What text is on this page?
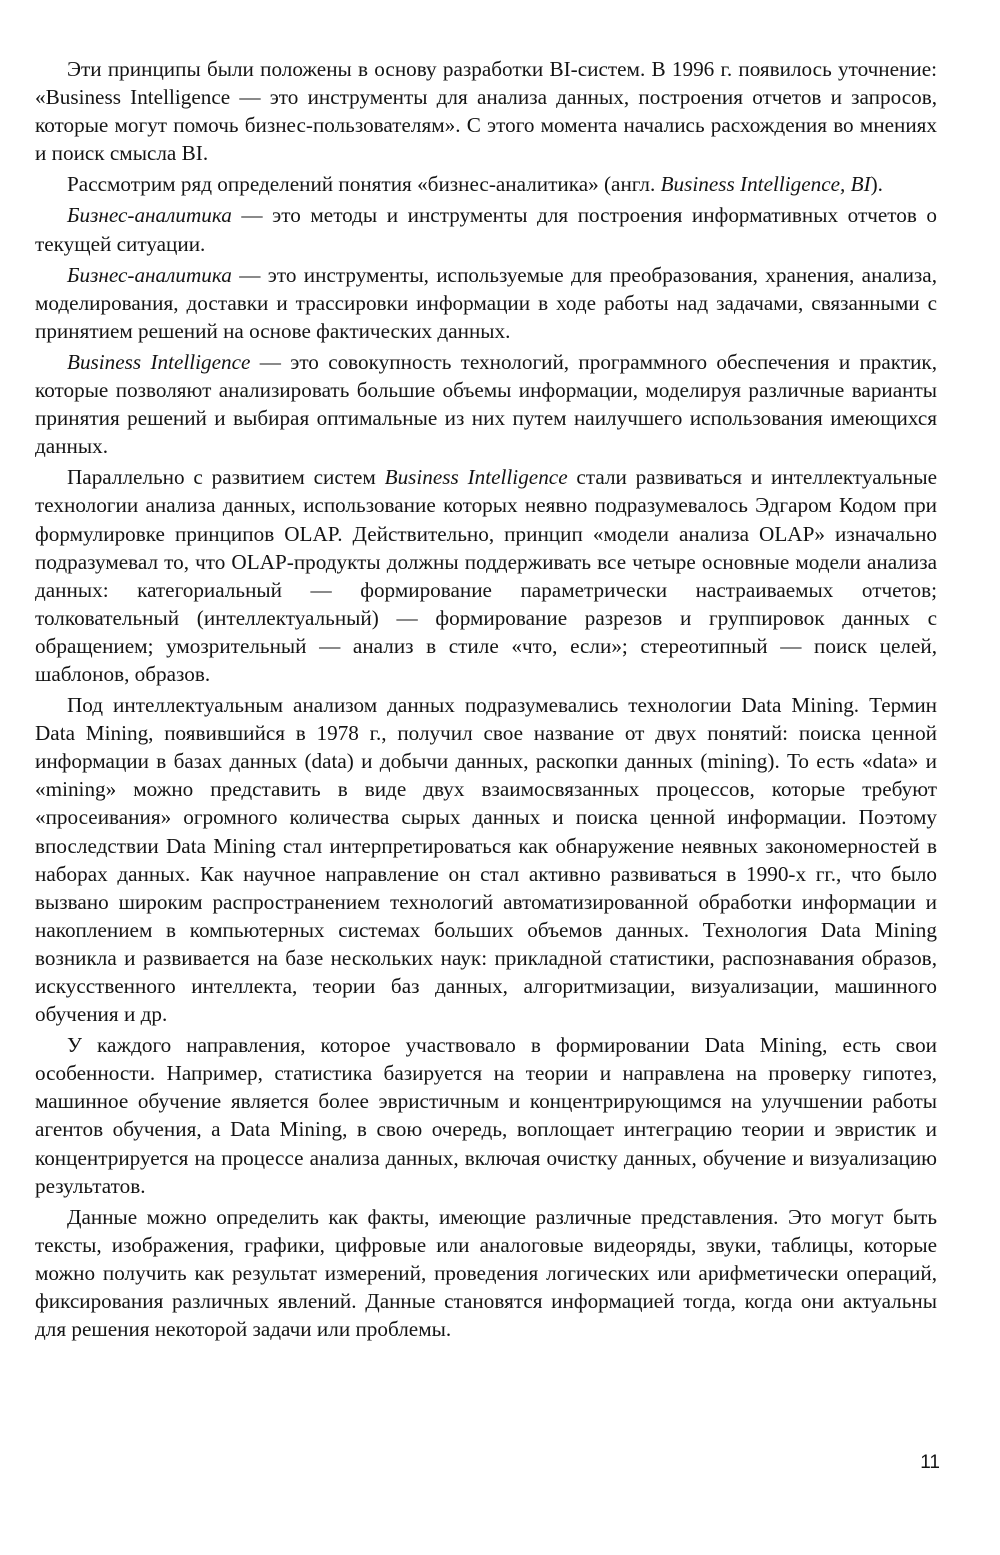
Эти принципы были положены в основу разработки BI-систем. В 1996 г. появилось уточнение: «Business Intelligence — это инструменты для анализа данных, построения отчетов и запросов, которые могут помочь бизнес-пользователям». С этого момента начались расхождения во мнениях и поиск смысла BI.

Рассмотрим ряд определений понятия «бизнес-аналитика» (англ. Business Intelligence, BI).

Бизнес-аналитика — это методы и инструменты для построения информативных отчетов о текущей ситуации.

Бизнес-аналитика — это инструменты, используемые для преобразования, хранения, анализа, моделирования, доставки и трассировки информации в ходе работы над задачами, связанными с принятием решений на основе фактических данных.

Business Intelligence — это совокупность технологий, программного обеспечения и практик, которые позволяют анализировать большие объемы информации, моделируя различные варианты принятия решений и выбирая оптимальные из них путем наилучшего использования имеющихся данных.

Параллельно с развитием систем Business Intelligence стали развиваться и интеллектуальные технологии анализа данных, использование которых неявно подразумевалось Эдгаром Кодом при формулировке принципов OLAP. Действительно, принцип «модели анализа OLAP» изначально подразумевал то, что OLAP-продукты должны поддерживать все четыре основные модели анализа данных: категориальный — формирование параметрически настраиваемых отчетов; толковательный (интеллектуальный) — формирование разрезов и группировок данных с обращением; умозрительный — анализ в стиле «что, если»; стереотипный — поиск целей, шаблонов, образов.

Под интеллектуальным анализом данных подразумевались технологии Data Mining. Термин Data Mining, появившийся в 1978 г., получил свое название от двух понятий: поиска ценной информации в базах данных (data) и добычи данных, раскопки данных (mining). То есть «data» и «mining» можно представить в виде двух взаимосвязанных процессов, которые требуют «просеивания» огромного количества сырых данных и поиска ценной информации. Поэтому впоследствии Data Mining стал интерпретироваться как обнаружение неявных закономерностей в наборах данных. Как научное направление он стал активно развиваться в 1990-х гг., что было вызвано широким распространением технологий автоматизированной обработки информации и накоплением в компьютерных системах больших объемов данных. Технология Data Mining возникла и развивается на базе нескольких наук: прикладной статистики, распознавания образов, искусственного интеллекта, теории баз данных, алгоритмизации, визуализации, машинного обучения и др.

У каждого направления, которое участвовало в формировании Data Mining, есть свои особенности. Например, статистика базируется на теории и направлена на проверку гипотез, машинное обучение является более эвристичным и концентрирующимся на улучшении работы агентов обучения, а Data Mining, в свою очередь, воплощает интеграцию теории и эвристик и концентрируется на процессе анализа данных, включая очистку данных, обучение и визуализацию результатов.

Данные можно определить как факты, имеющие различные представления. Это могут быть тексты, изображения, графики, цифровые или аналоговые видеоряды, звуки, таблицы, которые можно получить как результат измерений, проведения логических или арифметически операций, фиксирования различных явлений. Данные становятся информацией тогда, когда они актуальны для решения некоторой задачи или проблемы.

11
